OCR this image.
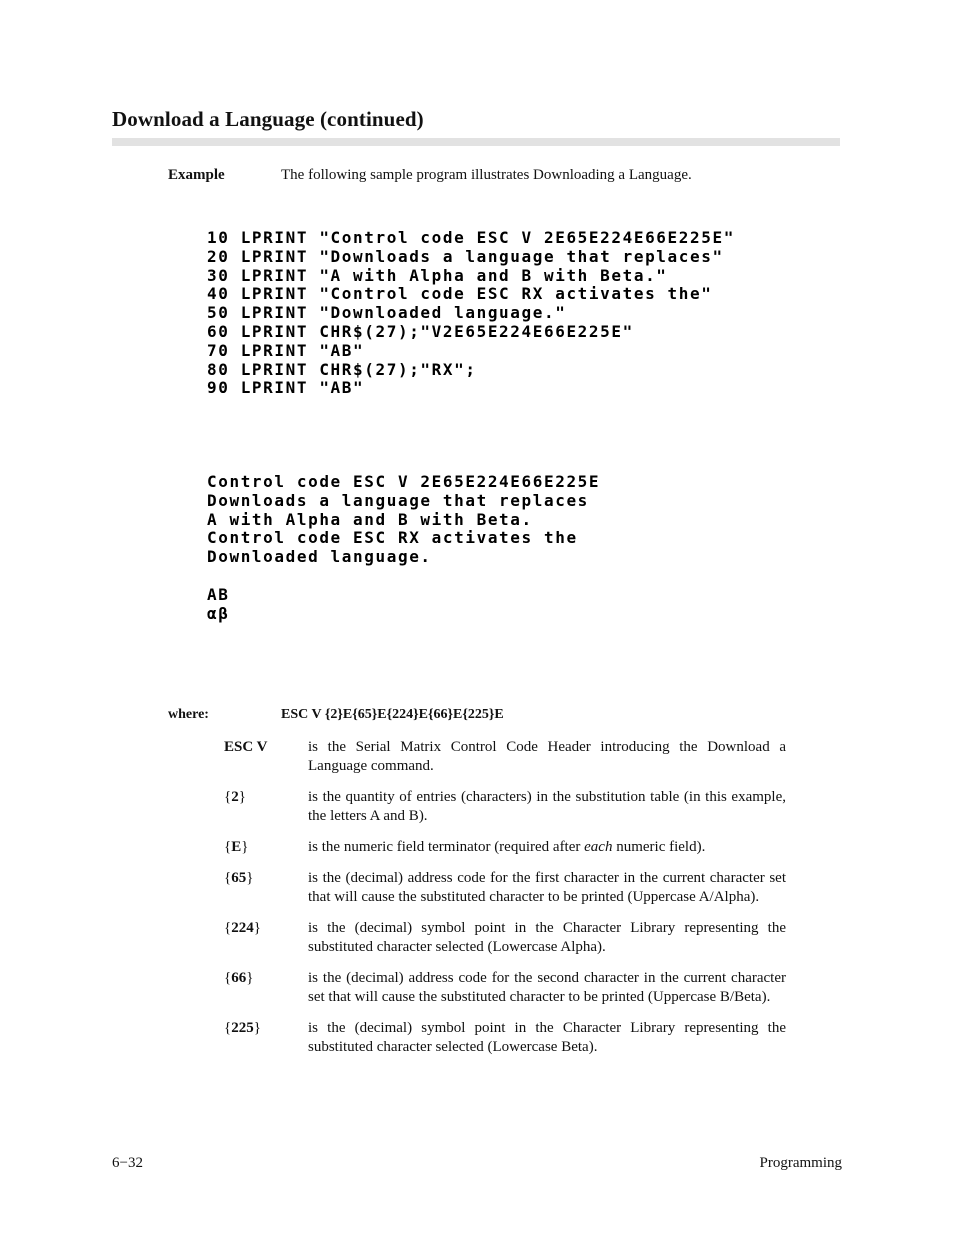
Download a Language (continued)
Example	The following sample program illustrates Downloading a Language.
10 LPRINT "Control code ESC V 2E65E224E66E225E"
20 LPRINT "Downloads a language that replaces"
30 LPRINT "A with Alpha and B with Beta."
40 LPRINT "Control code ESC RX activates the"
50 LPRINT "Downloaded language."
60 LPRINT CHR$(27);"V2E65E224E66E225E"
70 LPRINT "AB"
80 LPRINT CHR$(27);"RX";
90 LPRINT "AB"
Control code ESC V 2E65E224E66E225E
Downloads a language that replaces
A with Alpha and B with Beta.
Control code ESC RX activates the
Downloaded language.
AB
αβ
where:	ESC V {2}E{65}E{224}E{66}E{225}E
ESC V	is the Serial Matrix Control Code Header introducing the Download a Language command.
{2}	is the quantity of entries (characters) in the substitution table (in this example, the letters A and B).
{E}	is the numeric field terminator (required after each numeric field).
{65}	is the (decimal) address code for the first character in the current character set that will cause the substituted character to be printed (Uppercase A/Alpha).
{224}	is the (decimal) symbol point in the Character Library representing the substituted character selected (Lowercase Alpha).
{66}	is the (decimal) address code for the second character in the current character set that will cause the substituted character to be printed (Uppercase B/Beta).
{225}	is the (decimal) symbol point in the Character Library representing the substituted character selected (Lowercase Beta).
6−32	Programming
